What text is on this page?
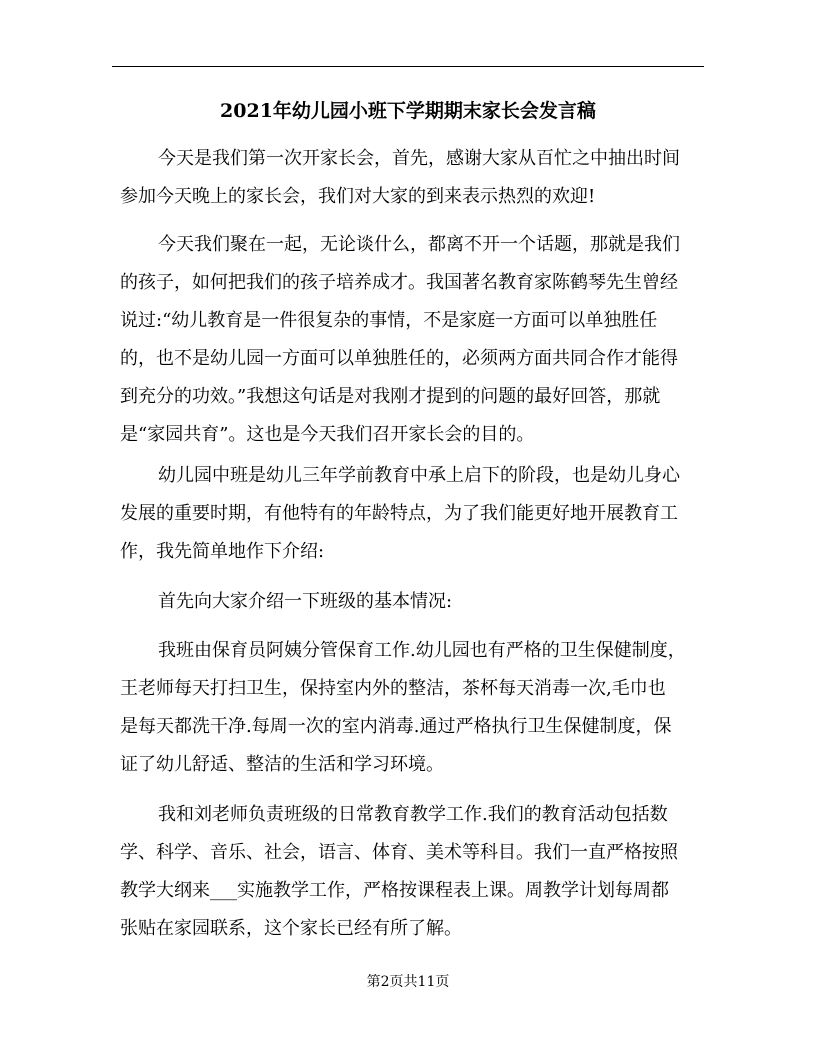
2021年幼儿园小班下学期期末家长会发言稿
今天是我们第一次开家长会，首先，感谢大家从百忙之中抽出时间
参加今天晚上的家长会，我们对大家的到来表示热烈的欢迎!
今天我们聚在一起，无论谈什么，都离不开一个话题，那就是我们
的孩子，如何把我们的孩子培养成才。我国著名教育家陈鹤琴先生曾经
说过:“幼儿教育是一件很复杂的事情，不是家庭一方面可以单独胜任
的，也不是幼儿园一方面可以单独胜任的，必须两方面共同合作才能得
到充分的功效。”我想这句话是对我刚才提到的问题的最好回答，那就
是“家园共育”。这也是今天我们召开家长会的目的。
幼儿园中班是幼儿三年学前教育中承上启下的阶段，也是幼儿身心
发展的重要时期，有他特有的年龄特点，为了我们能更好地开展教育工
作，我先简单地作下介绍:
首先向大家介绍一下班级的基本情况:
我班由保育员阿姨分管保育工作.幼儿园也有严格的卫生保健制度，
王老师每天打扫卫生，保持室内外的整洁，茶杯每天消毒一次,毛巾也
是每天都洗干净.每周一次的室内消毒.通过严格执行卫生保健制度，保
证了幼儿舒适、整洁的生活和学习环境。
我和刘老师负责班级的日常教育教学工作.我们的教育活动包括数
学、科学、音乐、社会，语言、体育、美术等科目。我们一直严格按照
教学大纲来___实施教学工作，严格按课程表上课。周教学计划每周都
张贴在家园联系，这个家长已经有所了解。
第2页共11页
